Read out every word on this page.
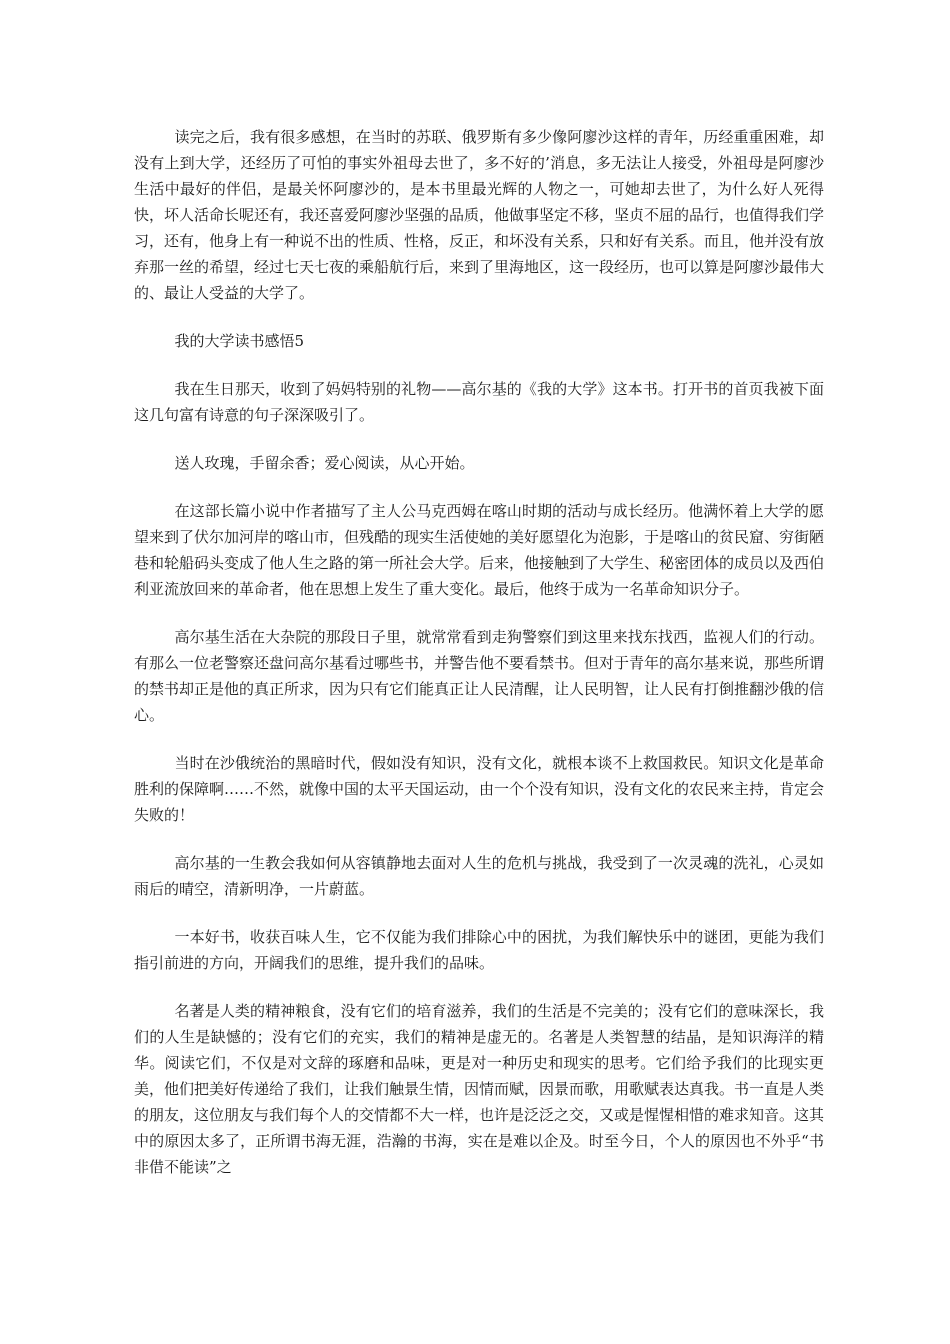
读完之后，我有很多感想，在当时的苏联、俄罗斯有多少像阿廖沙这样的青年，历经重重困难，却没有上到大学，还经历了可怕的事实外祖母去世了，多不好的’消息，多无法让人接受，外祖母是阿廖沙生活中最好的伴侣，是最关怀阿廖沙的，是本书里最光辉的人物之一，可她却去世了，为什么好人死得快，坏人活命长呢还有，我还喜爱阿廖沙坚强的品质，他做事坚定不移，坚贞不屈的品行，也值得我们学习，还有，他身上有一种说不出的性质、性格，反正，和坏没有关系，只和好有关系。而且，他并没有放弃那一丝的希望，经过七天七夜的乘船航行后，来到了里海地区，这一段经历，也可以算是阿廖沙最伟大的、最让人受益的大学了。

我的大学读书感悟5

我在生日那天，收到了妈妈特别的礼物——高尔基的《我的大学》这本书。打开书的首页我被下面这几句富有诗意的句子深深吸引了。

送人玫瑰，手留余香；爱心阅读，从心开始。

在这部长篇小说中作者描写了主人公马克西姆在喀山时期的活动与成长经历。他满怀着上大学的愿望来到了伏尔加河岸的喀山市，但残酷的现实生活使她的美好愿望化为泡影，于是喀山的贫民窟、穷街陋巷和轮船码头变成了他人生之路的第一所社会大学。后来，他接触到了大学生、秘密团体的成员以及西伯利亚流放回来的革命者，他在思想上发生了重大变化。最后，他终于成为一名革命知识分子。

高尔基生活在大杂院的那段日子里，就常常看到走狗警察们到这里来找东找西，监视人们的行动。有那么一位老警察还盘问高尔基看过哪些书，并警告他不要看禁书。但对于青年的高尔基来说，那些所谓的禁书却正是他的真正所求，因为只有它们能真正让人民清醒，让人民明智，让人民有打倒推翻沙俄的信心。

当时在沙俄统治的黑暗时代，假如没有知识，没有文化，就根本谈不上救国救民。知识文化是革命胜利的保障啊……不然，就像中国的太平天国运动，由一个个没有知识，没有文化的农民来主持，肯定会失败的！

高尔基的一生教会我如何从容镇静地去面对人生的危机与挑战，我受到了一次灵魂的洗礼，心灵如雨后的晴空，清新明净，一片蔚蓝。

一本好书，收获百味人生，它不仅能为我们排除心中的困扰，为我们解快乐中的谜团，更能为我们指引前进的方向，开阔我们的思维，提升我们的品味。

名著是人类的精神粮食，没有它们的培育滋养，我们的生活是不完美的；没有它们的意味深长，我们的人生是缺憾的；没有它们的充实，我们的精神是虚无的。名著是人类智慧的结晶，是知识海洋的精华。阅读它们，不仅是对文辞的琢磨和品味，更是对一种历史和现实的思考。它们给予我们的比现实更美，他们把美好传递给了我们，让我们触景生情，因情而赋，因景而歌，用歌赋表达真我。书一直是人类的朋友，这位朋友与我们每个人的交情都不大一样，也许是泛泛之交，又或是惺惺相惜的难求知音。这其中的原因太多了，正所谓书海无涯，浩瀚的书海，实在是难以企及。时至今日，个人的原因也不外乎“书非借不能读”之
